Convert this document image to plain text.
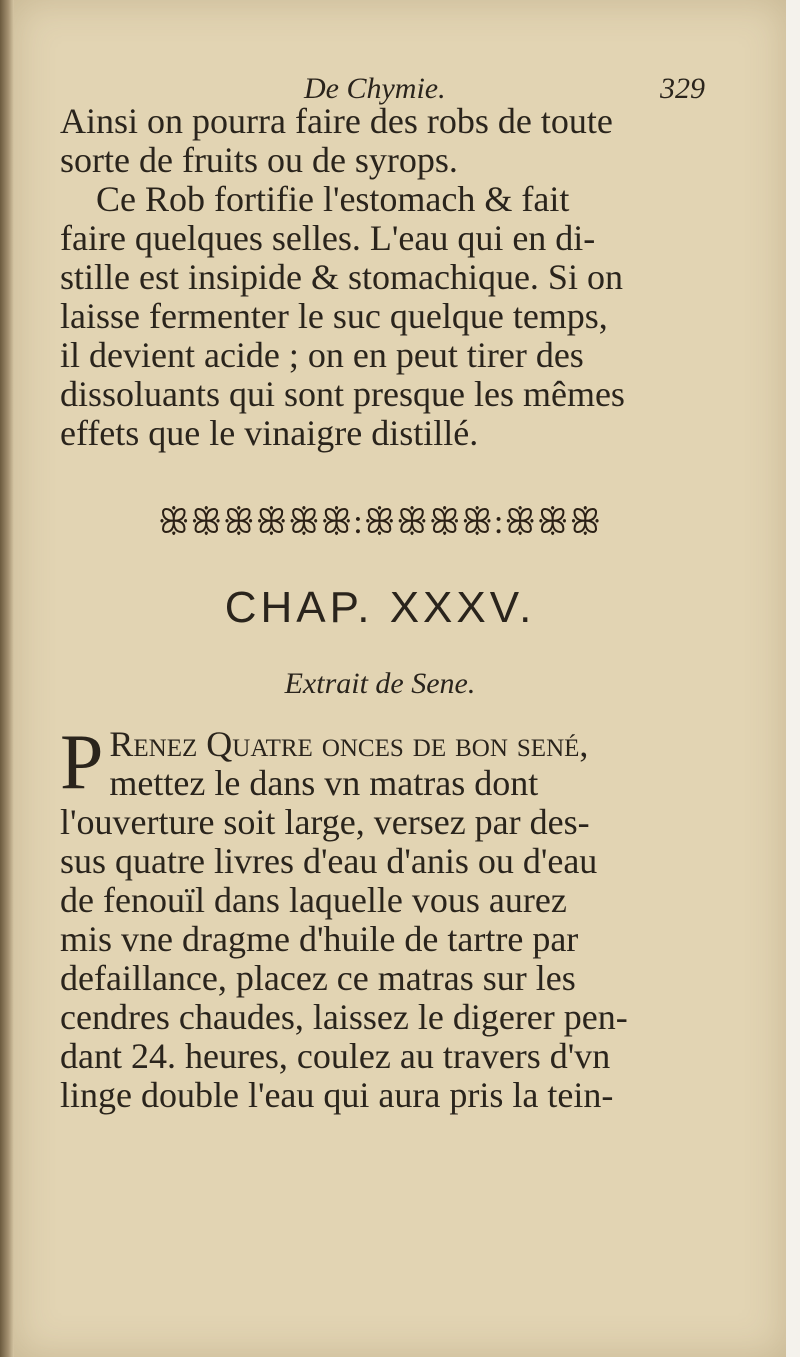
De Chymie.	329

Ainsi on pourra faire des robs de toute
sorte de fruits ou de syrops.
Ce Rob fortifie l'estomach & fait
faire quelques selles. L'eau qui en di-
stille est insipide & stomachique. Si on
laisse fermenter le suc quelque temps,
il devient acide ; on en peut tirer des
dissoluants qui sont presque les mêmes
effets que le vinaigre distillé.

ꕥꕥꕥꕥꕥꕥ:ꕥꕥꕥꕥ:ꕥꕥꕥ
CHAP. XXXV.
Extrait de Sene.
P Renez Quatre onces de bon sené,
mettez le dans vn matras dont
l'ouverture soit large, versez par des-
sus quatre livres d'eau d'anis ou d'eau
de fenouïl dans laquelle vous aurez
mis vne dragme d'huile de tartre par
defaillance, placez ce matras sur les
cendres chaudes, laissez le digerer pen-
dant 24. heures, coulez au travers d'vn
linge double l'eau qui aura pris la tein-
